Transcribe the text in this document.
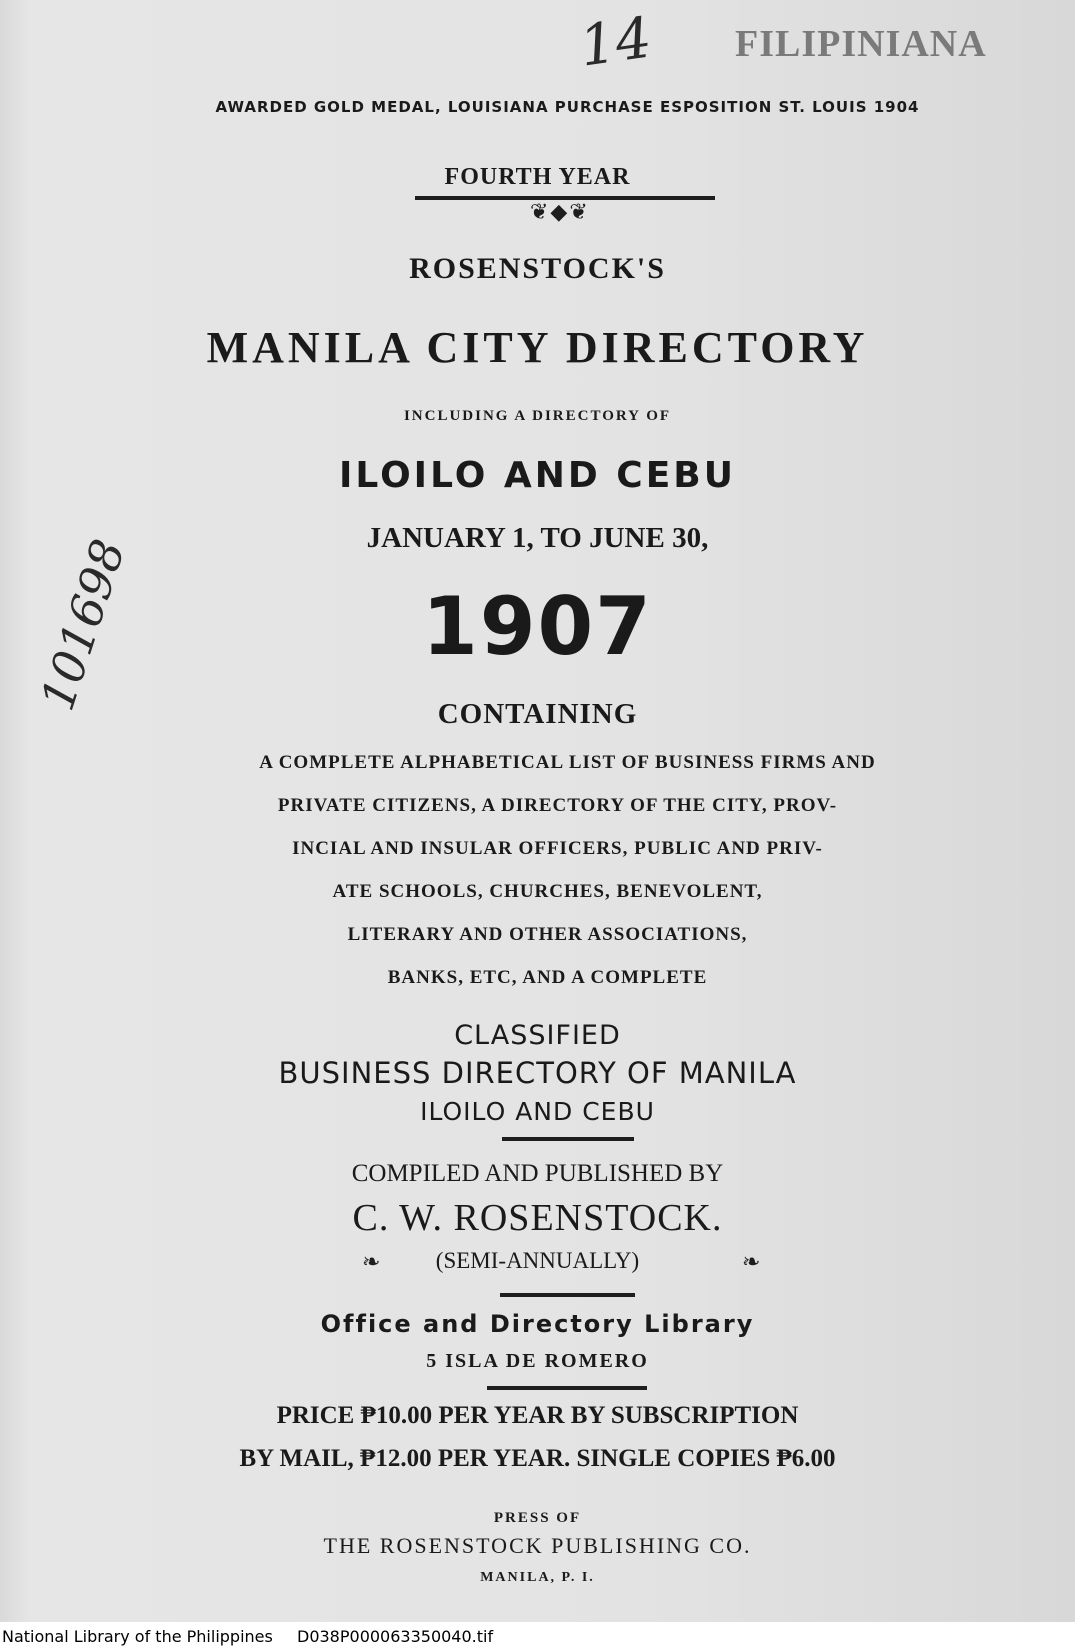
14 FILIPINIANA
101698
AWARDED GOLD MEDAL, LOUISIANA PURCHASE ESPOSITION ST. LOUIS 1904
FOURTH YEAR
❦◆❦
ROSENSTOCK'S
MANILA CITY DIRECTORY
INCLUDING A DIRECTORY OF
ILOILO AND CEBU
JANUARY 1, TO JUNE 30,
1907
CONTAINING
A COMPLETE ALPHABETICAL LIST OF BUSINESS FIRMS AND
PRIVATE CITIZENS, A DIRECTORY OF THE CITY, PROV-
INCIAL AND INSULAR OFFICERS, PUBLIC AND PRIV-
ATE SCHOOLS, CHURCHES, BENEVOLENT,
LITERARY AND OTHER ASSOCIATIONS,
BANKS, ETC, AND A COMPLETE
CLASSIFIED
BUSINESS DIRECTORY OF MANILA
ILOILO AND CEBU
COMPILED AND PUBLISHED BY
C. W. ROSENSTOCK.
❧	(SEMI-ANNUALLY)	❧
Office and Directory Library
5 ISLA DE ROMERO
PRICE ₱10.00 PER YEAR BY SUBSCRIPTION
BY MAIL, ₱12.00 PER YEAR. SINGLE COPIES ₱6.00
PRESS OF
THE ROSENSTOCK PUBLISHING CO.
MANILA, P. I.
National Library of the Philippines D038P000063350040.tif
